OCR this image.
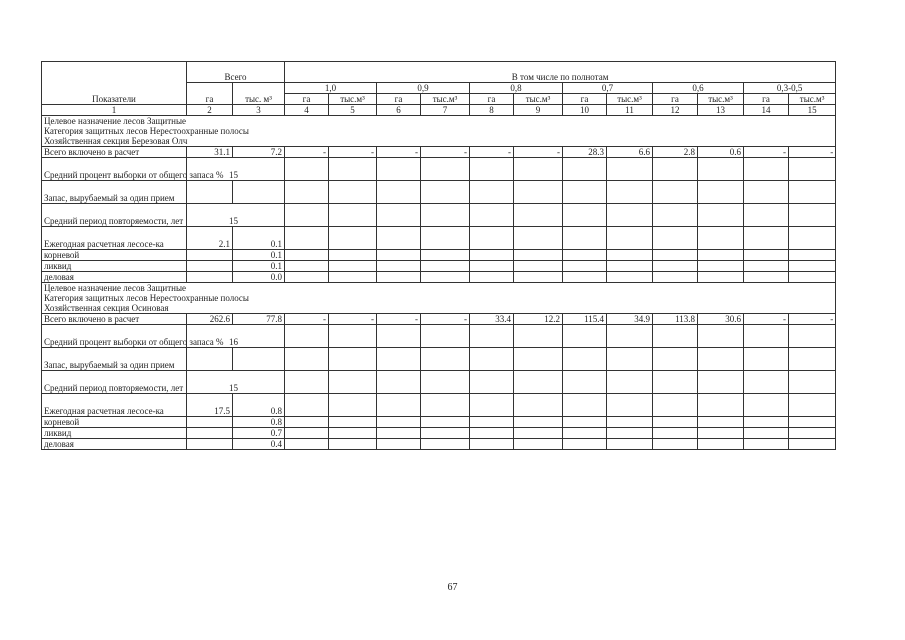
Показатели	Всего		В том числе по полнотам											
	га	тыс. м³	1,0		0,9		0,8		0,7		0,6		0,3-0,5	
			га	тыс.м³	га	тыс.м³	га	тыс.м³	га	тыс.м³	га	тыс.м³	га	тыс.м³
1	2	3	4	5	6	7	8	9	10	11	12	13	14	15

Целевое назначение лесов Защитные
Категория защитных лесов Нерестоохранные полосы
Хозяйственная секция Березовая Олч														

Всего включено в расчет	31.1	7.2	-	-	-	-	-	-	28.3	6.6	2.8	0.6	-	-
Средний процент выборки от общего запаса %	15													
Запас, вырубаемый за один прием														
Средний период повторяемости, лет	15													
Ежегодная расчетная лесосе-ка	2.1	0.1												
корневой		0.1												
ликвид		0.1												
деловая		0.0												

Целевое назначение лесов Защитные
Категория защитных лесов Нерестоохранные полосы
Хозяйственная секция Осиновая														

Всего включено в расчет	262.6	77.8	-	-	-	-	33.4	12.2	115.4	34.9	113.8	30.6	-	-
Средний процент выборки от общего запаса %	16													
Запас, вырубаемый за один прием														
Средний период повторяемости, лет	15													
Ежегодная расчетная лесосе-ка	17.5	0.8												
корневой		0.8												
ликвид		0.7												
деловая		0.4												
67
